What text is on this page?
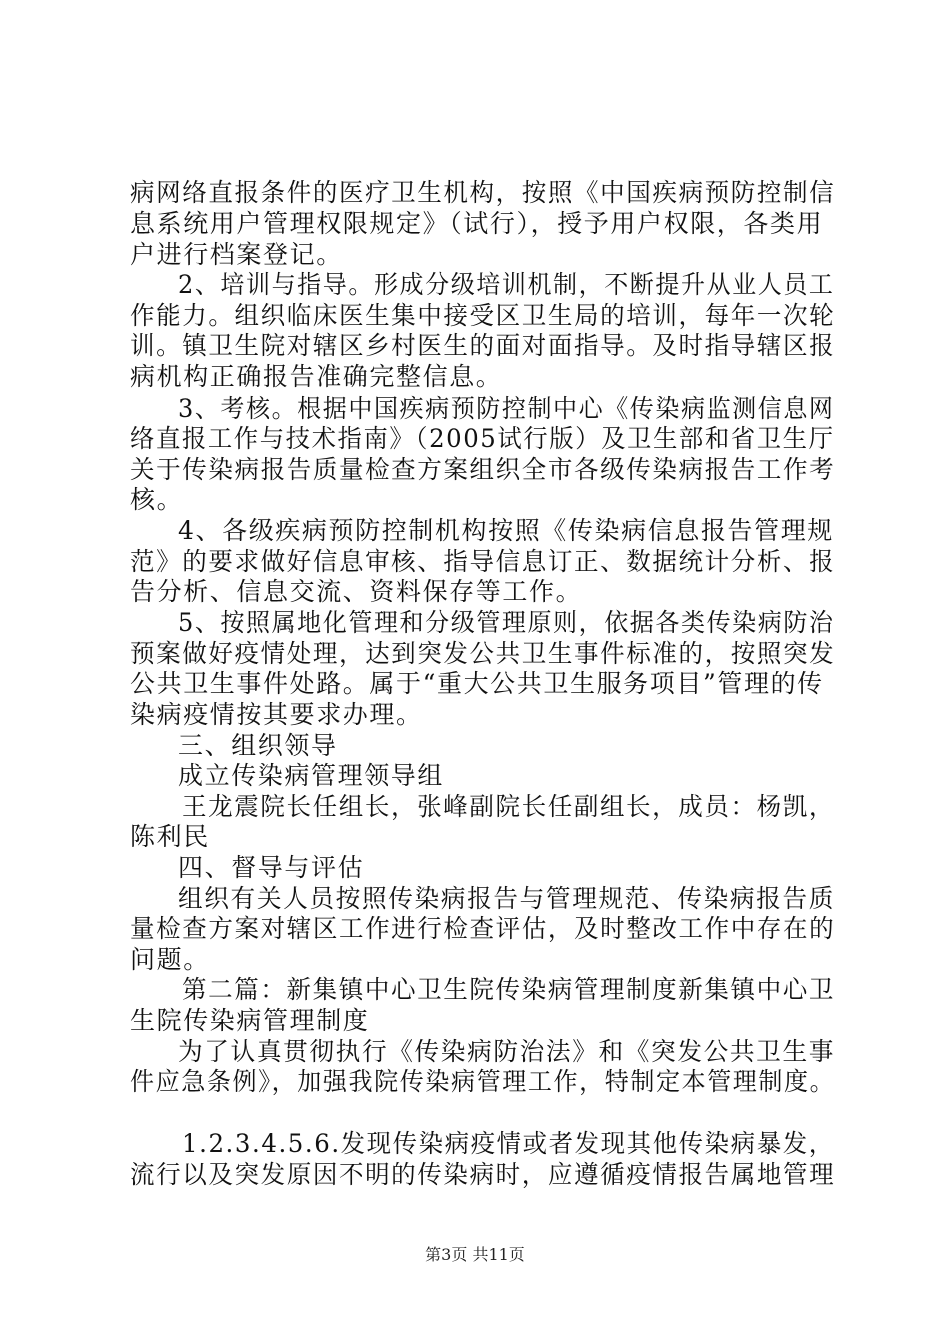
病网络直报条件的医疗卫生机构，按照《中国疾病预防控制信
息系统用户管理权限规定》（试行），授予用户权限，各类用
户进行档案登记。
2、培训与指导。形成分级培训机制，不断提升从业人员工
作能力。组织临床医生集中接受区卫生局的培训，每年一次轮
训。镇卫生院对辖区乡村医生的面对面指导。及时指导辖区报
病机构正确报告准确完整信息。
3、考核。根据中国疾病预防控制中心《传染病监测信息网
络直报工作与技术指南》（2005试行版）及卫生部和省卫生厅
关于传染病报告质量检查方案组织全市各级传染病报告工作考
核。
4、各级疾病预防控制机构按照《传染病信息报告管理规
范》的要求做好信息审核、指导信息订正、数据统计分析、报
告分析、信息交流、资料保存等工作。
5、按照属地化管理和分级管理原则，依据各类传染病防治
预案做好疫情处理，达到突发公共卫生事件标准的，按照突发
公共卫生事件处路。属于“重大公共卫生服务项目”管理的传
染病疫情按其要求办理。
三、组织领导
成立传染病管理领导组
王龙震院长任组长，张峰副院长任副组长，成员：杨凯，
陈利民
四、督导与评估
组织有关人员按照传染病报告与管理规范、传染病报告质
量检查方案对辖区工作进行检查评估，及时整改工作中存在的
问题。
第二篇：新集镇中心卫生院传染病管理制度新集镇中心卫
生院传染病管理制度
为了认真贯彻执行《传染病防治法》和《突发公共卫生事
件应急条例》，加强我院传染病管理工作，特制定本管理制度。
1.2.3.4.5.6.发现传染病疫情或者发现其他传染病暴发，
流行以及突发原因不明的传染病时，应遵循疫情报告属地管理
第3页 共11页
